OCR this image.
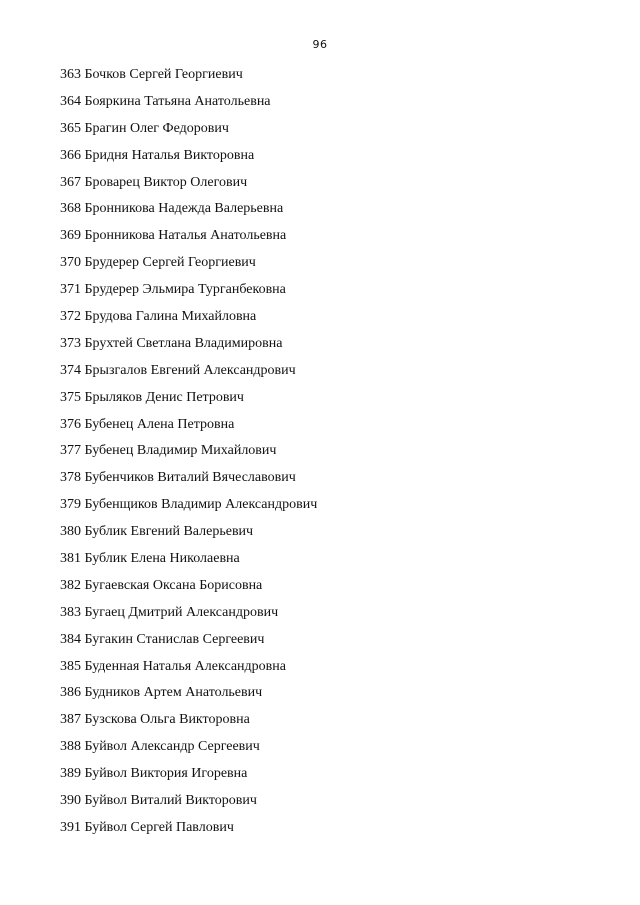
96
363 Бочков Сергей Георгиевич
364 Бояркина Татьяна Анатольевна
365 Брагин Олег Федорович
366 Бридня Наталья Викторовна
367 Броварец Виктор Олегович
368 Бронникова Надежда Валерьевна
369 Бронникова Наталья Анатольевна
370 Брудерер Сергей Георгиевич
371 Брудерер Эльмира Турганбековна
372 Брудова Галина Михайловна
373 Брухтей Светлана Владимировна
374 Брызгалов Евгений Александрович
375 Брыляков Денис Петрович
376 Бубенец Алена Петровна
377 Бубенец Владимир Михайлович
378 Бубенчиков Виталий Вячеславович
379 Бубенщиков Владимир Александрович
380 Бублик Евгений Валерьевич
381 Бублик Елена Николаевна
382 Бугаевская Оксана Борисовна
383 Бугаец Дмитрий Александрович
384 Бугакин Станислав Сергеевич
385 Буденная Наталья Александровна
386 Будников Артем Анатольевич
387 Бузскова Ольга Викторовна
388 Буйвол Александр Сергеевич
389 Буйвол Виктория Игоревна
390 Буйвол Виталий Викторович
391 Буйвол Сергей Павлович
